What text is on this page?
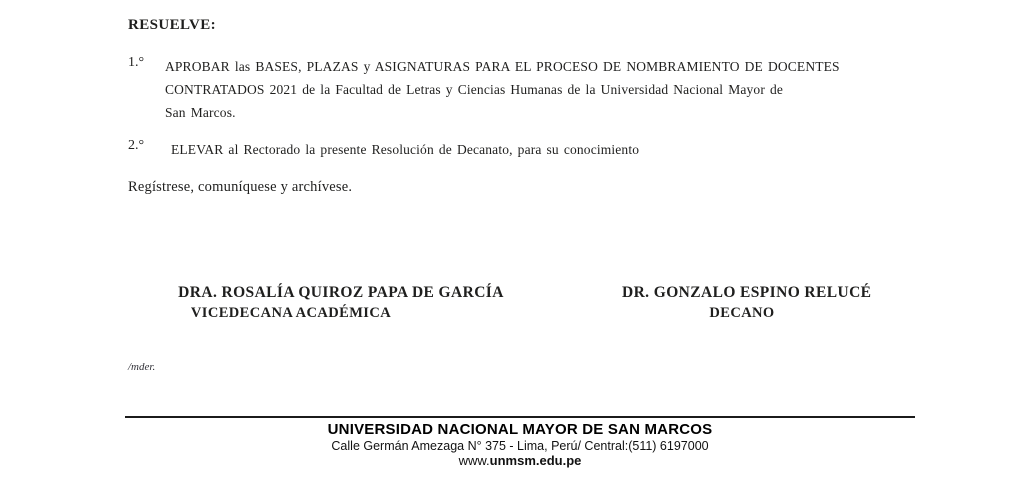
RESUELVE:
1.° APROBAR las BASES, PLAZAS y ASIGNATURAS PARA EL PROCESO DE NOMBRAMIENTO DE DOCENTES
CONTRATADOS 2021 de la Facultad de Letras y Ciencias Humanas de la Universidad Nacional Mayor de
San Marcos.
2.° ELEVAR al Rectorado la presente Resolución de Decanato, para su conocimiento
Regístrese, comuníquese y archívese.
DRA. ROSALÍA QUIROZ PAPA DE GARCÍA
VICEDECANA ACADÉMICA
DR. GONZALO ESPINO RELUCÉ
DECANO
/mder.
UNIVERSIDAD NACIONAL MAYOR DE SAN MARCOS
Calle Germán Amezaga N° 375 - Lima, Perú/ Central:(511) 6197000
www.unmsm.edu.pe
